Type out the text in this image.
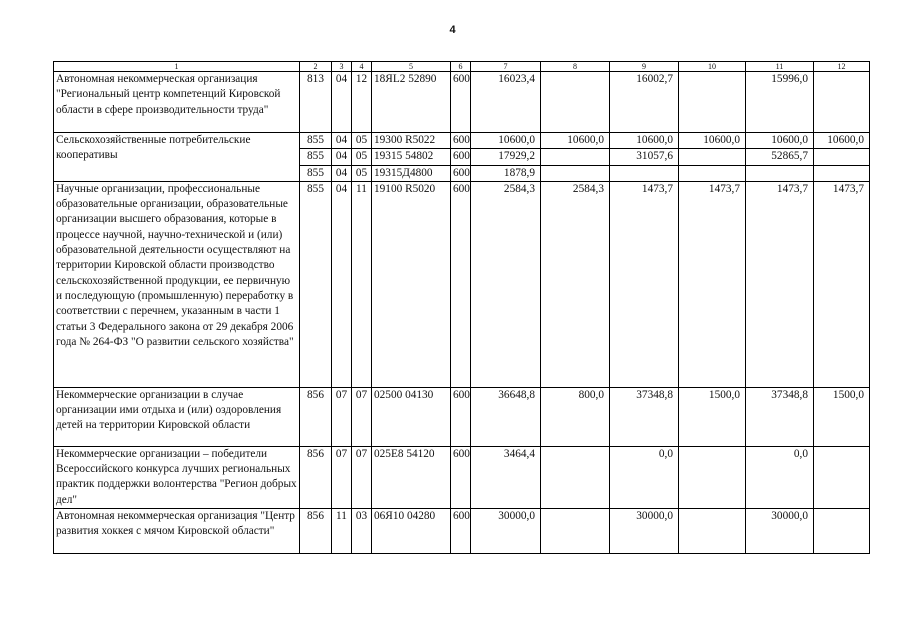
4
1	2	3	4	5	6	7	8	9	10	11	12
Автономная некоммерческая организация "Региональный центр компетенций Кировской области в сфере производительности труда"	813	04	12	18ЯL2 52890	600	16023,4		16002,7		15996,0	
Сельскохозяйственные потребительские кооперативы	855	04	05	19300 R5022	600	10600,0	10600,0	10600,0	10600,0	10600,0	10600,0
	855	04	05	19315 54802	600	17929,2		31057,6		52865,7	
	855	04	05	19315Д4800	600	1878,9					
Научные организации, профессиональные образовательные организации, образовательные организации высшего образования, которые в процессе научной, научно-технической и (или) образовательной деятельности осуществляют на территории Кировской области производство сельскохозяйственной продукции, ее первичную и последующую (промышленную) переработку в соответствии с перечнем, указанным в части 1 статьи 3 Федерального закона от 29 декабря 2006 года № 264-ФЗ "О развитии сельского хозяйства"	855	04	11	19100 R5020	600	2584,3	2584,3	1473,7	1473,7	1473,7	1473,7
Некоммерческие организации в случае организации ими отдыха и (или) оздоровления детей на территории Кировской области	856	07	07	02500 04130	600	36648,8	800,0	37348,8	1500,0	37348,8	1500,0
Некоммерческие организации – победители Всероссийского конкурса лучших региональных практик поддержки волонтерства "Регион добрых дел"	856	07	07	025Е8 54120	600	3464,4		0,0		0,0	
Автономная некоммерческая организация "Центр развития хоккея с мячом Кировской области"	856	11	03	06Я10 04280	600	30000,0		30000,0		30000,0	
